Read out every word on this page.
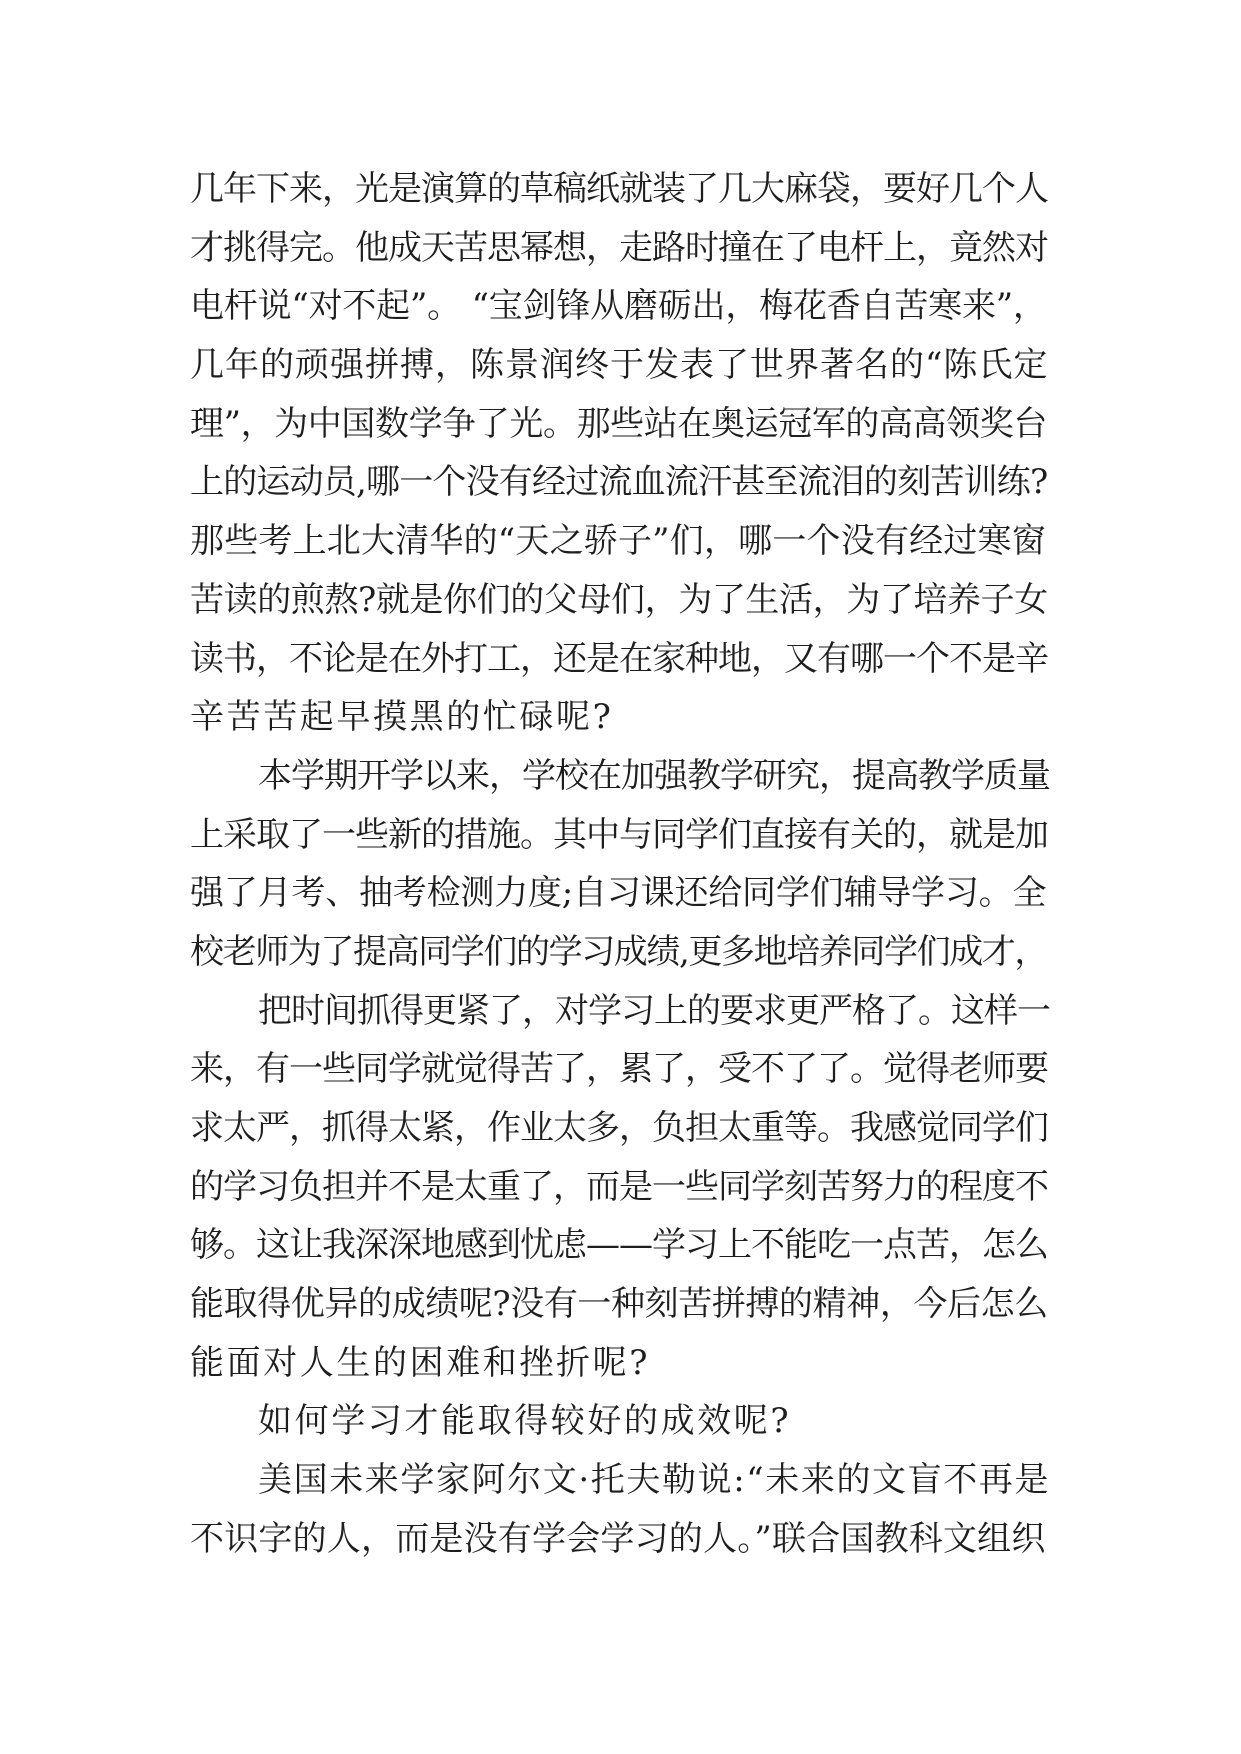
几年下来，光是演算的草稿纸就装了几大麻袋，要好几个人
才挑得完。他成天苦思幂想，走路时撞在了电杆上，竟然对
电杆说“对不起”。 “宝剑锋从磨砺出，梅花香自苦寒来”，
几年的顽强拼搏，陈景润终于发表了世界著名的“陈氏定
理”，为中国数学争了光。那些站在奥运冠军的高高领奖台
上的运动员,哪一个没有经过流血流汗甚至流泪的刻苦训练?
那些考上北大清华的“天之骄子”们，哪一个没有经过寒窗
苦读的煎熬?就是你们的父母们，为了生活，为了培养子女
读书，不论是在外打工，还是在家种地，又有哪一个不是辛
辛苦苦起早摸黑的忙碌呢?
本学期开学以来，学校在加强教学研究，提高教学质量
上采取了一些新的措施。其中与同学们直接有关的，就是加
强了月考、抽考检测力度;自习课还给同学们辅导学习。全
校老师为了提高同学们的学习成绩,更多地培养同学们成才，
把时间抓得更紧了，对学习上的要求更严格了。这样一
来，有一些同学就觉得苦了，累了，受不了了。觉得老师要
求太严，抓得太紧，作业太多，负担太重等。我感觉同学们
的学习负担并不是太重了，而是一些同学刻苦努力的程度不
够。这让我深深地感到忧虑——学习上不能吃一点苦，怎么
能取得优异的成绩呢?没有一种刻苦拼搏的精神，今后怎么
能面对人生的困难和挫折呢?
如何学习才能取得较好的成效呢?
美国未来学家阿尔文·托夫勒说:“未来的文盲不再是
不识字的人，而是没有学会学习的人。”联合国教科文组织
